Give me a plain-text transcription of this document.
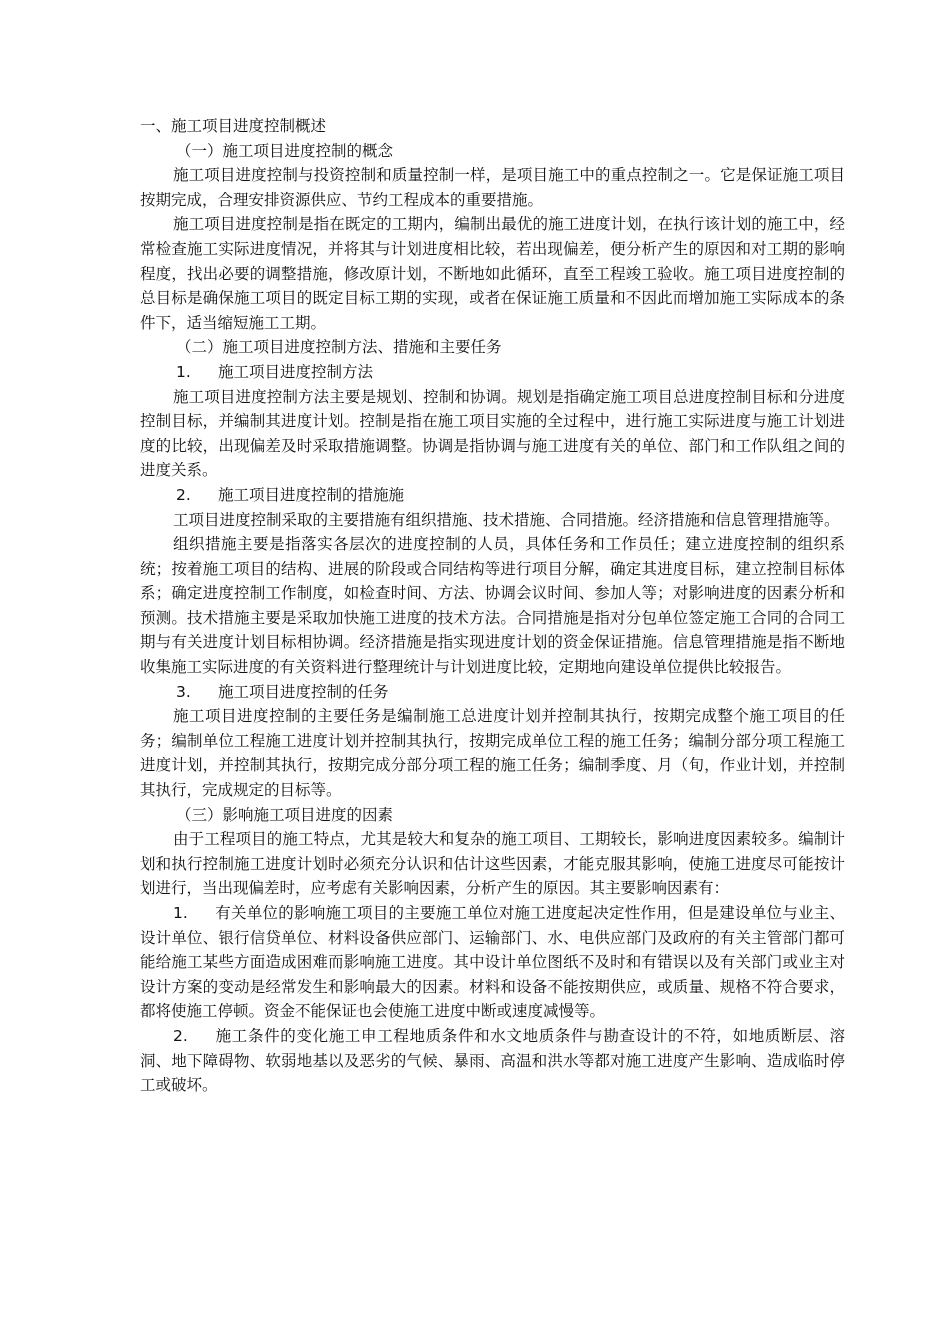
一、施工项目进度控制概述

（一）施工项目进度控制的概念

施工项目进度控制与投资控制和质量控制一样，是项目施工中的重点控制之一。它是保证施工项目按期完成，合理安排资源供应、节约工程成本的重要措施。

施工项目进度控制是指在既定的工期内，编制出最优的施工进度计划，在执行该计划的施工中，经常检查施工实际进度情况，并将其与计划进度相比较，若出现偏差，便分析产生的原因和对工期的影响程度，找出必要的调整措施，修改原计划，不断地如此循环，直至工程竣工验收。施工项目进度控制的总目标是确保施工项目的既定目标工期的实现，或者在保证施工质量和不因此而增加施工实际成本的条件下，适当缩短施工工期。

（二）施工项目进度控制方法、措施和主要任务

1.	施工项目进度控制方法

施工项目进度控制方法主要是规划、控制和协调。规划是指确定施工项目总进度控制目标和分进度控制目标，并编制其进度计划。控制是指在施工项目实施的全过程中，进行施工实际进度与施工计划进度的比较，出现偏差及时采取措施调整。协调是指协调与施工进度有关的单位、部门和工作队组之间的进度关系。

2.	施工项目进度控制的措施施

工项目进度控制采取的主要措施有组织措施、技术措施、合同措施。经济措施和信息管理措施等。

组织措施主要是指落实各层次的进度控制的人员，具体任务和工作员任；建立进度控制的组织系统；按着施工项目的结构、进展的阶段或合同结构等进行项目分解，确定其进度目标，建立控制目标体系；确定进度控制工作制度，如检查时间、方法、协调会议时间、参加人等；对影响进度的因素分析和预测。技术措施主要是采取加快施工进度的技术方法。合同措施是指对分包单位签定施工合同的合同工期与有关进度计划目标相协调。经济措施是指实现进度计划的资金保证措施。信息管理措施是指不断地收集施工实际进度的有关资料进行整理统计与计划进度比较，定期地向建设单位提供比较报告。

3.	施工项目进度控制的任务

施工项目进度控制的主要任务是编制施工总进度计划并控制其执行，按期完成整个施工项目的任务；编制单位工程施工进度计划并控制其执行，按期完成单位工程的施工任务；编制分部分项工程施工进度计划，并控制其执行，按期完成分部分项工程的施工任务；编制季度、月（旬，作业计划，并控制其执行，完成规定的目标等。

（三）影响施工项目进度的因素

由于工程项目的施工特点，尤其是较大和复杂的施工项目、工期较长，影响进度因素较多。编制计划和执行控制施工进度计划时必须充分认识和估计这些因素，才能克服其影响，使施工进度尽可能按计划进行，当出现偏差时，应考虑有关影响因素，分析产生的原因。其主要影响因素有：

1. 有关单位的影响施工项目的主要施工单位对施工进度起决定性作用，但是建设单位与业主、设计单位、银行信贷单位、材料设备供应部门、运输部门、水、电供应部门及政府的有关主管部门都可能给施工某些方面造成困难而影响施工进度。其中设计单位图纸不及时和有错误以及有关部门或业主对设计方案的变动是经常发生和影响最大的因素。材料和设备不能按期供应，或质量、规格不符合要求，都将使施工停顿。资金不能保证也会使施工进度中断或速度减慢等。

2. 施工条件的变化施工申工程地质条件和水文地质条件与勘查设计的不符，如地质断层、溶洞、地下障碍物、软弱地基以及恶劣的气候、暴雨、高温和洪水等都对施工进度产生影响、造成临时停工或破坏。
